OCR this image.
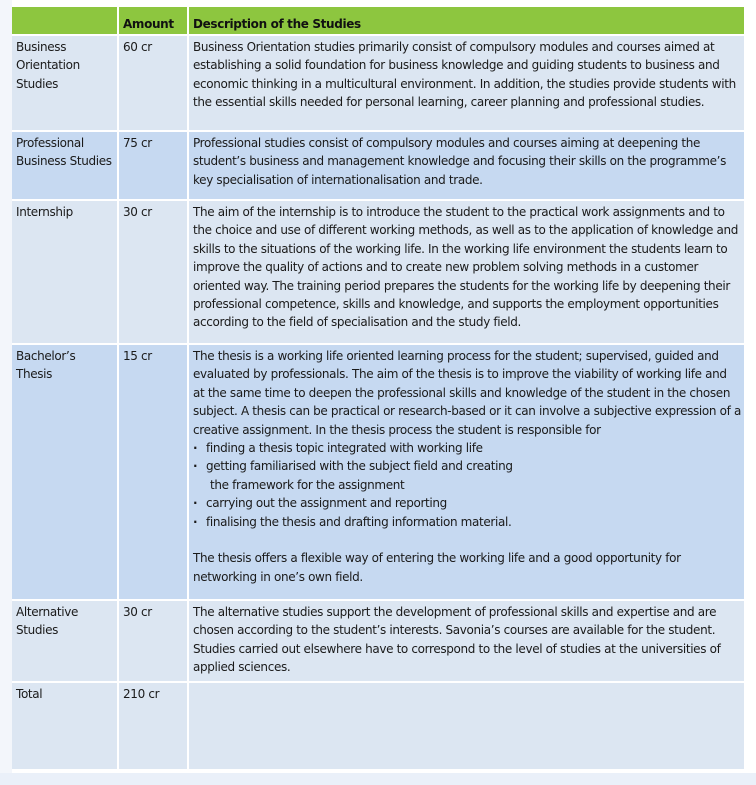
	Amount	Description of the Studies
Business Orientation Studies	60 cr	Business Orientation studies primarily consist of compulsory modules and courses aimed at establishing a solid foundation for business knowledge and guiding students to business and economic thinking in a multicultural environment. In addition, the studies provide students with the essential skills needed for personal learning, career planning and professional studies.
Professional Business Studies	75 cr	Professional studies consist of compulsory modules and courses aiming at deepening the student’s business and management knowledge and focusing their skills on the programme’s key specialisation of internationalisation and trade.
Internship	30 cr	The aim of the internship is to introduce the student to the practical work assignments and to the choice and use of different working methods, as well as to the application of knowledge and skills to the situations of the working life. In the working life environment the students learn to improve the quality of actions and to create new problem solving methods in a customer oriented way. The training period prepares the students for the working life by deepening their professional competence, skills and knowledge, and supports the employment opportunities according to the field of specialisation and the study field.
Bachelor’s Thesis	15 cr	The thesis is a working life oriented learning process for the student; supervised, guided and evaluated by professionals. The aim of the thesis is to improve the viability of working life and at the same time to deepen the professional skills and knowledge of the student in the chosen subject. A thesis can be practical or research-based or it can involve a subjective expression of a creative assignment. In the thesis process the student is responsible for
· finding a thesis topic integrated with working life
· getting familiarised with the subject field and creating
the framework for the assignment
· carrying out the assignment and reporting
· finalising the thesis and drafting information material.
The thesis offers a flexible way of entering the working life and a good opportunity for networking in one’s own field.

Alternative Studies	30 cr	The alternative studies support the development of professional skills and expertise and are chosen according to the student’s interests. Savonia’s courses are available for the student. Studies carried out elsewhere have to correspond to the level of studies at the universities of applied sciences.
Total	210 cr	
